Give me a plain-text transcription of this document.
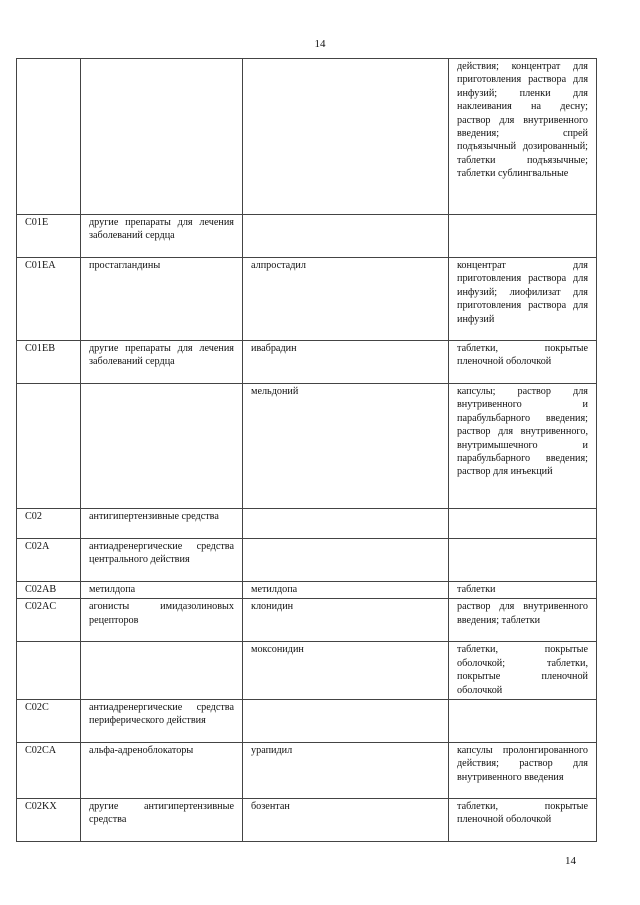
14
			действия; концентрат для приготовления раствора для инфузий; пленки для наклеивания на десну; раствор для внутривенного введения; спрей подъязычный дозированный; таблетки подъязычные; таблетки сублингвальные
C01E	другие препараты для лечения заболеваний сердца		
C01EA	простагландины	алпростадил	концентрат для приготовления раствора для инфузий; лиофилизат для приготовления раствора для инфузий
C01EB	другие препараты для лечения заболеваний сердца	ивабрадин	таблетки, покрытые пленочной оболочкой
		мельдоний	капсулы; раствор для внутривенного и парабульбарного введения; раствор для внутривенного, внутримышечного и парабульбарного введения; раствор для инъекций
C02	антигипертензивные средства		
C02A	антиадренергические средства центрального действия		
C02AB	метилдопа	метилдопа	таблетки
C02AC	агонисты имидазолиновых рецепторов	клонидин	раствор для внутривенного введения; таблетки
		моксонидин	таблетки, покрытые оболочкой; таблетки, покрытые пленочной оболочкой
C02C	антиадренергические средства периферического действия		
C02CA	альфа-адреноблокаторы	урапидил	капсулы пролонгированного действия; раствор для внутривенного введения
C02KX	другие антигипертензивные средства	бозентан	таблетки, покрытые пленочной оболочкой
14
